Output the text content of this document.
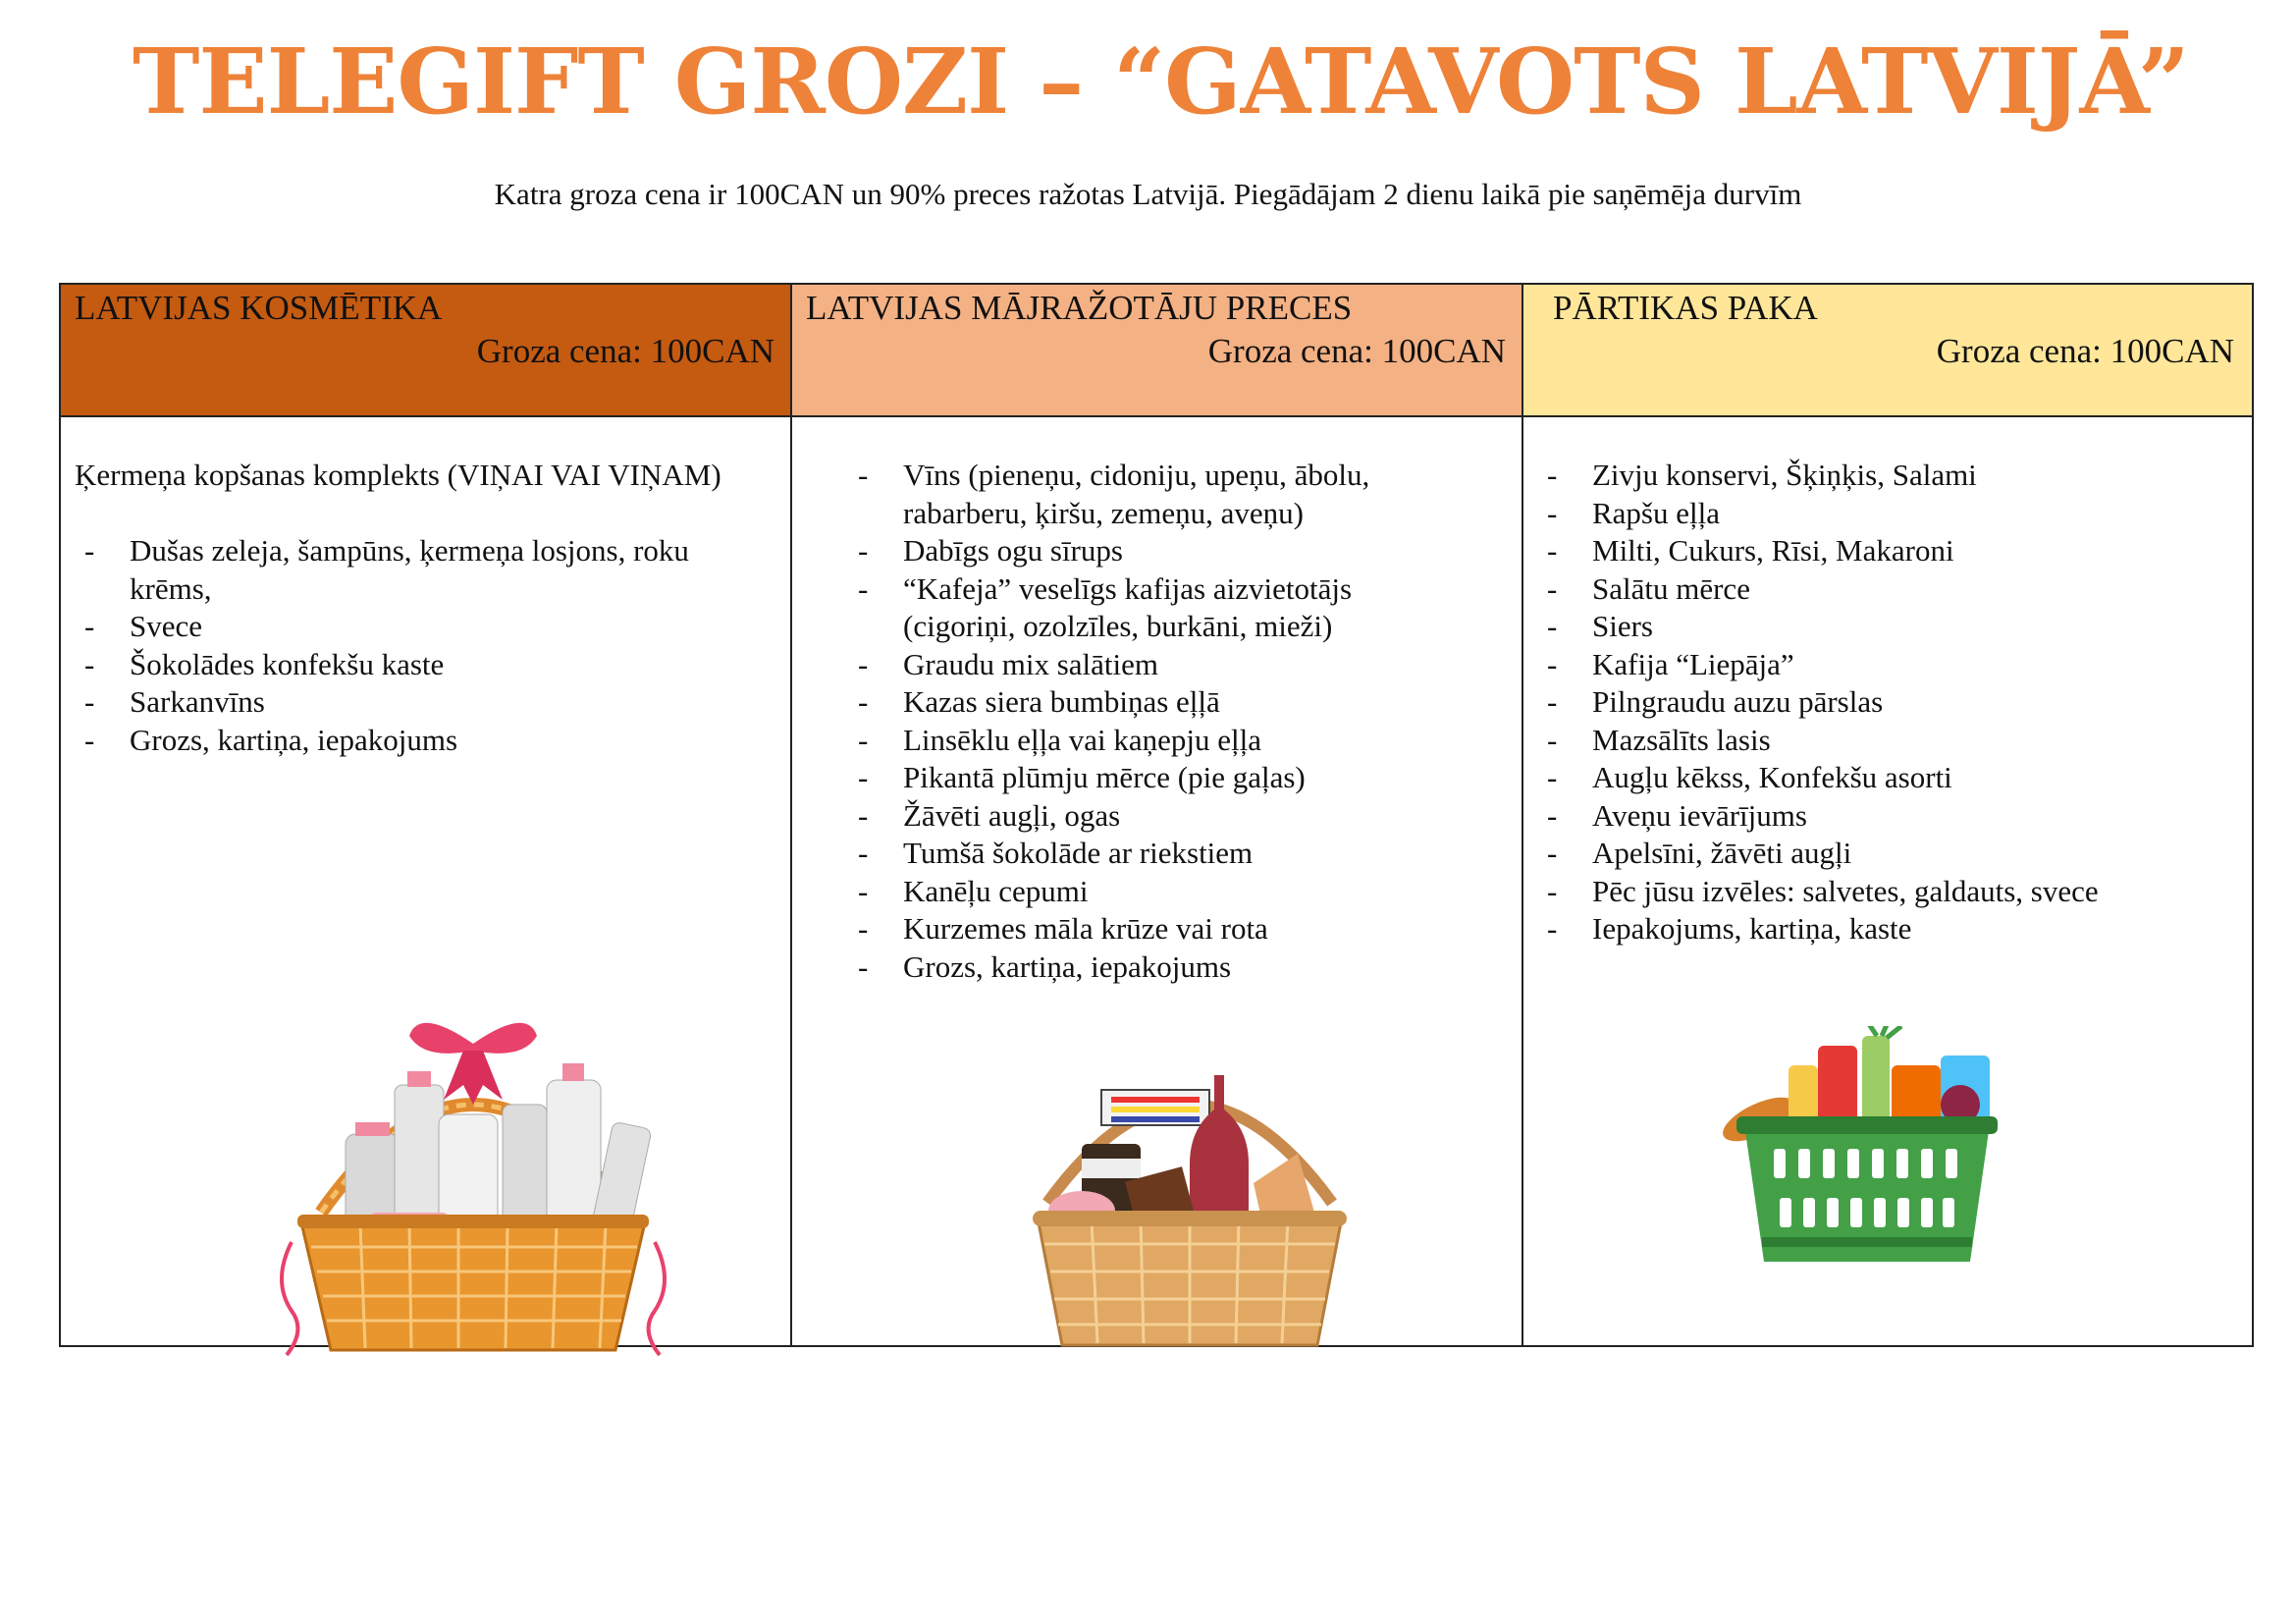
TELEGIFT GROZI – “GATAVOTS LATVIJĀ”
Katra groza cena ir 100CAN un 90% preces ražotas Latvijā. Piegādājam 2 dienu laikā pie saņēmēja durvīm
LATVIJAS KOSMĒTIKA
Groza cena: 100CAN
LATVIJAS MĀJRAŽOTĀJU PRECES
Groza cena: 100CAN
PĀRTIKAS PAKA
Groza cena: 100CAN
Ķermeņa kopšanas komplekts (VIŅAI VAI VIŅAM)
- Dušas zeleja, šampūns, ķermeņa losjons, roku krēms,
- Svece
- Šokolādes konfekšu kaste
- Sarkanvīns
- Grozs, kartiņa, iepakojums
- Vīns (pieneņu, cidoniju, upeņu, ābolu, rabarberu, ķiršu, zemeņu, aveņu)
- Dabīgs ogu sīrups
- “Kafeja” veselīgs kafijas aizvietotājs (cigoriņi, ozolzīles, burkāni, mieži)
- Graudu mix salātiem
- Kazas siera bumbiņas eļļā
- Linsēklu eļļa vai kaņepju eļļa
- Pikantā plūmju mērce (pie gaļas)
- Žāvēti augļi, ogas
- Tumšā šokolāde ar riekstiem
- Kanēļu cepumi
- Kurzemes māla krūze vai rota
- Grozs, kartiņa, iepakojums
- Zivju konservi, Šķiņķis, Salami
- Rapšu eļļa
- Milti, Cukurs, Rīsi, Makaroni
- Salātu mērce
- Siers
- Kafija “Liepāja”
- Pilngraudu auzu pārslas
- Mazsālīts lasis
- Augļu kēkss, Konfekšu asorti
- Aveņu ievārījums
- Apelsīni, žāvēti augļi
- Pēc jūsu izvēles: salvetes, galdauts, svece
- Iepakojums, kartiņa, kaste
